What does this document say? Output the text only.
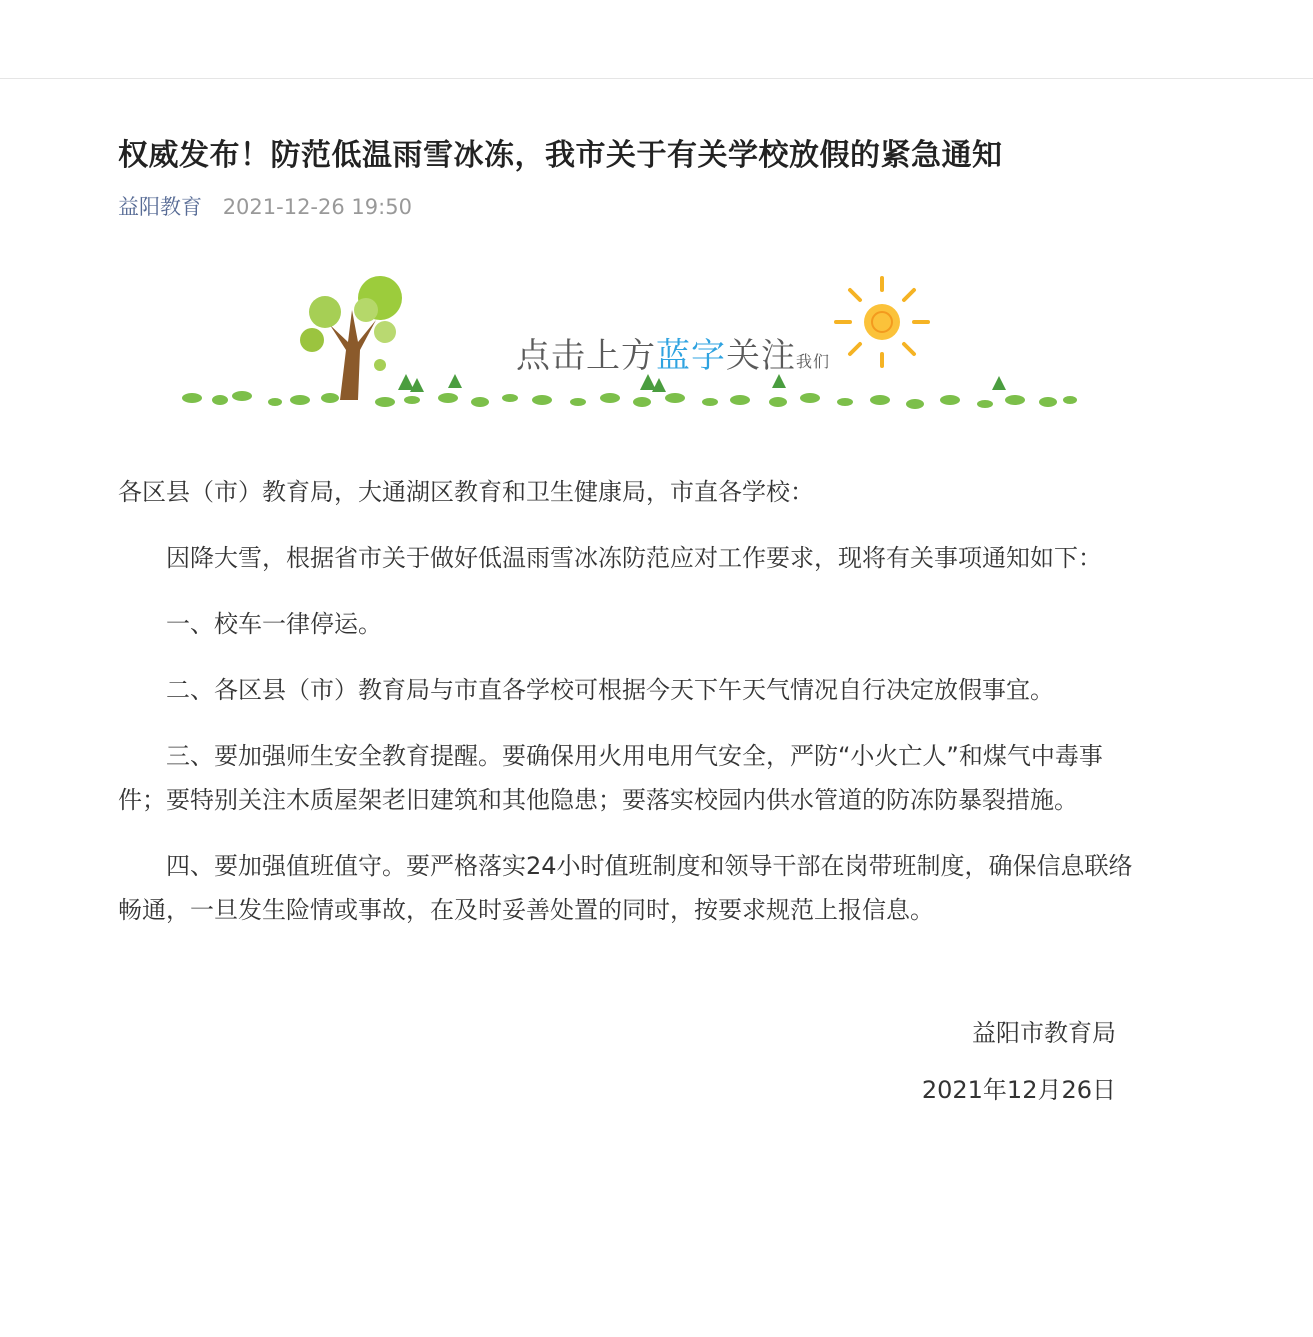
权威发布！防范低温雨雪冰冻，我市关于有关学校放假的紧急通知
益阳教育 2021-12-26 19:50
点击上方蓝字关注我们

各区县（市）教育局，大通湖区教育和卫生健康局，市直各学校：

因降大雪，根据省市关于做好低温雨雪冰冻防范应对工作要求，现将有关事项通知如下：

一、校车一律停运。

二、各区县（市）教育局与市直各学校可根据今天下午天气情况自行决定放假事宜。

三、要加强师生安全教育提醒。要确保用火用电用气安全，严防“小火亡人”和煤气中毒事件；要特别关注木质屋架老旧建筑和其他隐患；要落实校园内供水管道的防冻防暴裂措施。

四、要加强值班值守。要严格落实24小时值班制度和领导干部在岗带班制度，确保信息联络畅通，一旦发生险情或事故，在及时妥善处置的同时，按要求规范上报信息。

益阳市教育局

2021年12月26日
